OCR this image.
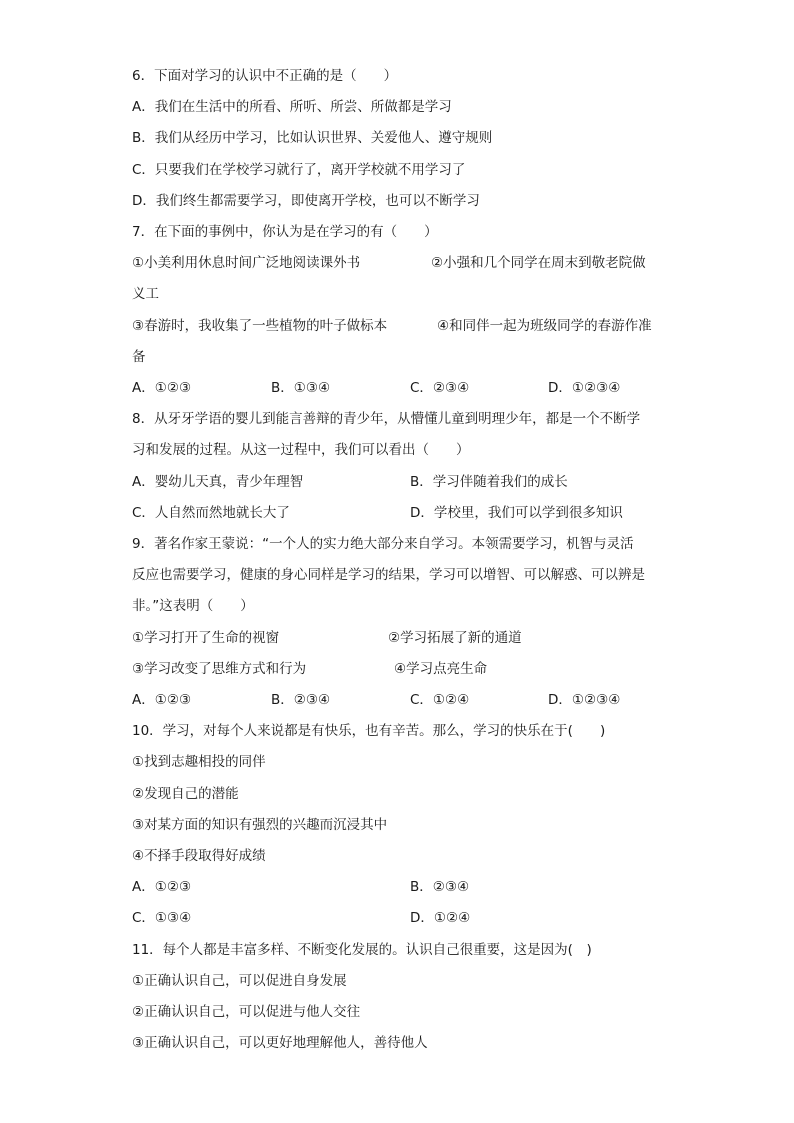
6．下面对学习的认识中不正确的是（　　）
A．我们在生活中的所看、所听、所尝、所做都是学习
B．我们从经历中学习，比如认识世界、关爱他人、遵守规则
C．只要我们在学校学习就行了，离开学校就不用学习了
D．我们终生都需要学习，即使离开学校，也可以不断学习
7．在下面的事例中，你认为是在学习的有（　　）
①小美利用休息时间广泛地阅读课外书	②小强和几个同学在周末到敬老院做
义工
③春游时，我收集了一些植物的叶子做标本	④和同伴一起为班级同学的春游作准
备
A．①②③	B．①③④	C．②③④	D．①②③④
8．从牙牙学语的婴儿到能言善辩的青少年，从懵懂儿童到明理少年，都是一个不断学
习和发展的过程。从这一过程中，我们可以看出（　　）
A．婴幼儿天真，青少年理智	B．学习伴随着我们的成长
C．人自然而然地就长大了	D．学校里，我们可以学到很多知识
9．著名作家王蒙说：“一个人的实力绝大部分来自学习。本领需要学习，机智与灵活
反应也需要学习，健康的身心同样是学习的结果，学习可以增智、可以解惑、可以辨是
非。”这表明（　　）
①学习打开了生命的视窗	②学习拓展了新的通道
③学习改变了思维方式和行为	④学习点亮生命
A．①②③	B．②③④	C．①②④	D．①②③④
10．学习，对每个人来说都是有快乐，也有辛苦。那么，学习的快乐在于(　　)
①找到志趣相投的同伴
②发现自己的潜能
③对某方面的知识有强烈的兴趣而沉浸其中
④不择手段取得好成绩
A．①②③	B．②③④
C．①③④	D．①②④
11．每个人都是丰富多样、不断变化发展的。认识自己很重要，这是因为(　)
①正确认识自己，可以促进自身发展
②正确认识自己，可以促进与他人交往
③正确认识自己，可以更好地理解他人，善待他人
